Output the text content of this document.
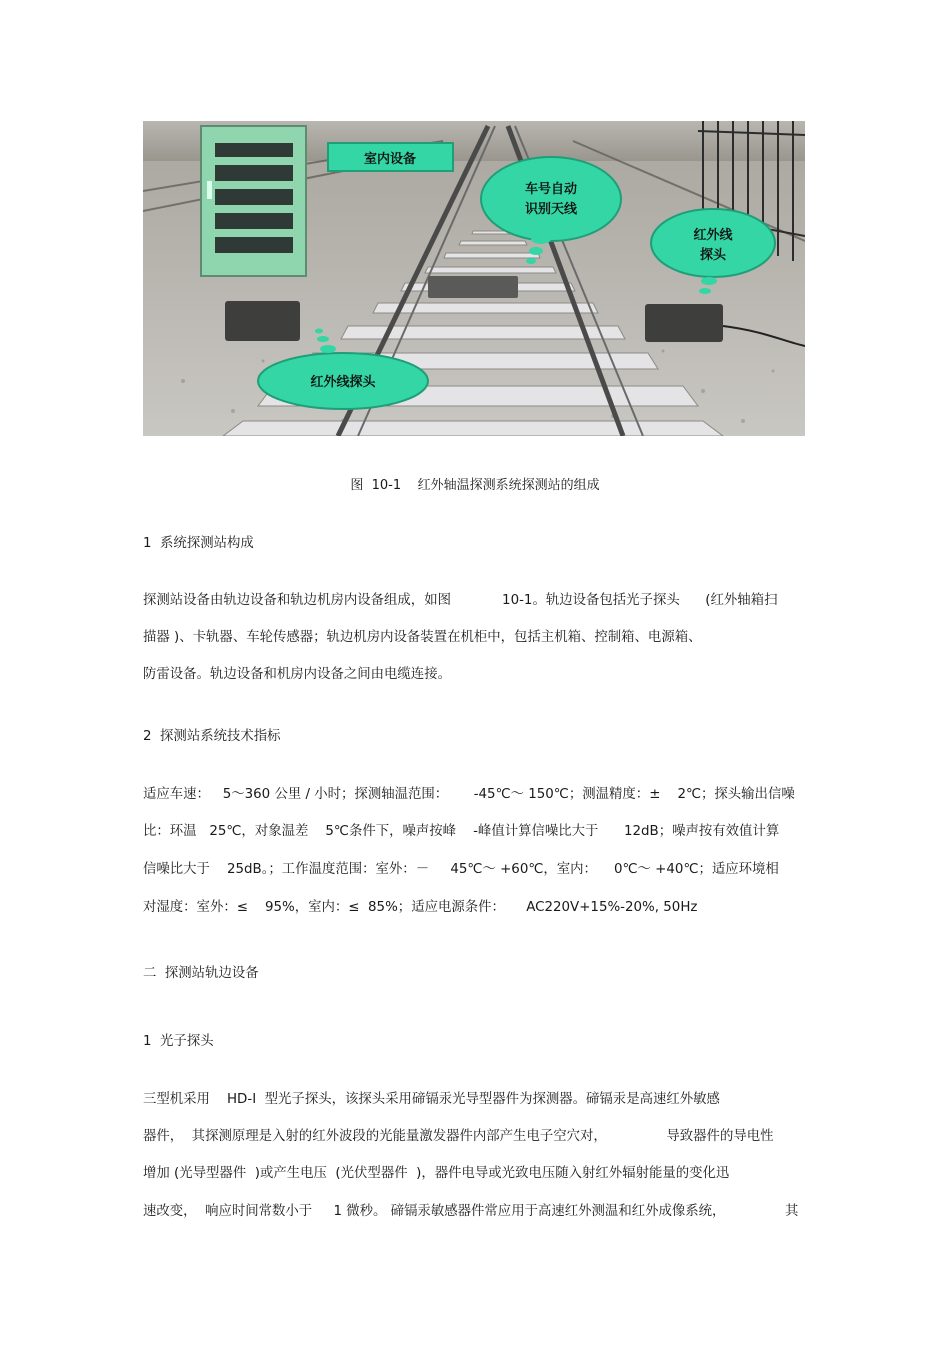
室内设备
车号自动
识别天线
红外线
探头
红外线探头
图  10-1    红外轴温探测系统探测站的组成
1  系统探测站构成
探测站设备由轨边设备和轨边机房内设备组成，如图            10-1。轨边设备包括光子探头      (红外轴箱扫
描器 )、卡轨器、车轮传感器；轨边机房内设备装置在机柜中，包括主机箱、控制箱、电源箱、
防雷设备。轨边设备和机房内设备之间由电缆连接。
2  探测站系统技术指标
适应车速：   5～360 公里 / 小时；探测轴温范围：      -45℃～ 150℃；测温精度：±    2℃；探头输出信噪
比：环温   25℃，对象温差    5℃条件下，噪声按峰    -峰值计算信噪比大于      12dB；噪声按有效值计算
信噪比大于    25dB。；工作温度范围：室外：－     45℃～ +60℃，室内：    0℃～ +40℃；适应环境相
对湿度：室外：≤    95%，室内：≤  85%；适应电源条件：     AC220V+15%-20%, 50Hz
二  探测站轨边设备
1  光子探头
三型机采用    HD-I  型光子探头，该探头采用碲镉汞光导型器件为探测器。碲镉汞是高速红外敏感
器件，  其探测原理是入射的红外波段的光能量激发器件内部产生电子空穴对，              导致器件的导电性
增加 (光导型器件  )或产生电压  (光伏型器件  )，器件电导或光致电压随入射红外辐射能量的变化迅
速改变，  响应时间常数小于     1 微秒。 碲镉汞敏感器件常应用于高速红外测温和红外成像系统，              其
